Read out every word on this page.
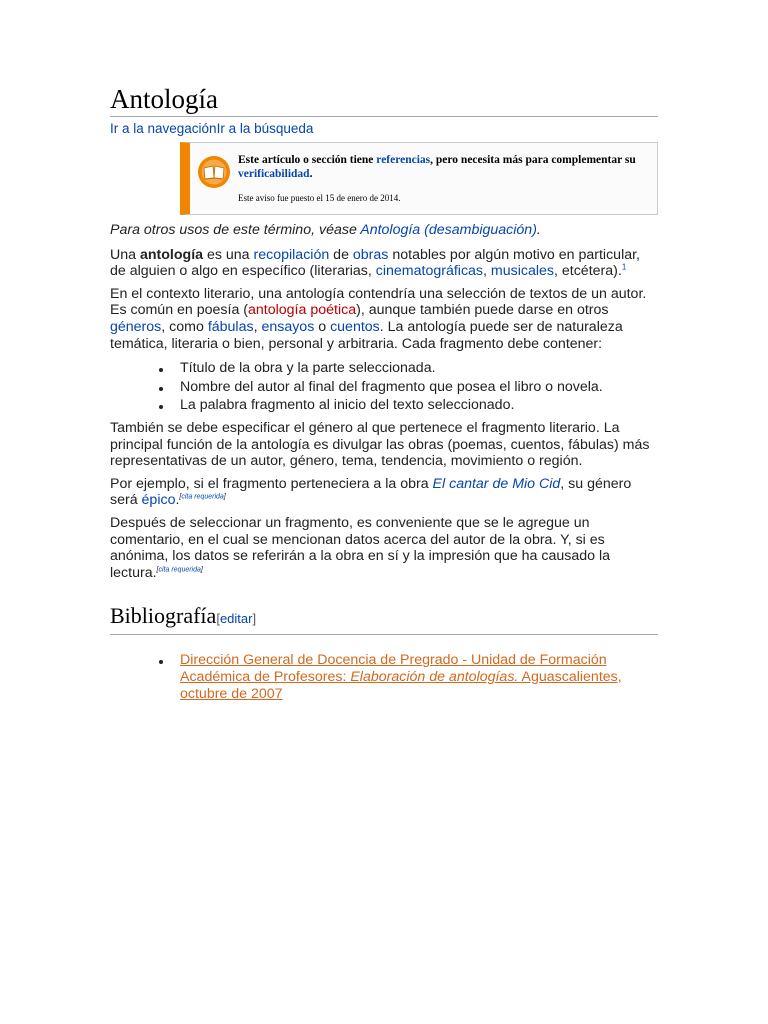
Antología
Ir a la navegaciónIr a la búsqueda
Este artículo o sección tiene referencias, pero necesita más para complementar su verificabilidad.
Este aviso fue puesto el 15 de enero de 2014.

Para otros usos de este término, véase Antología (desambiguación).

Una antología es una recopilación de obras notables por algún motivo en particular, de alguien o algo en específico (literarias, cinematográficas, musicales, etcétera).$^1$

En el contexto literario, una antología contendría una selección de textos de un autor. Es común en poesía (antología poética), aunque también puede darse en otros géneros, como fábulas, ensayos o cuentos. La antología puede ser de naturaleza temática, literaria o bien, personal y arbitraria. Cada fragmento debe contener:

Título de la obra y la parte seleccionada.
Nombre del autor al final del fragmento que posea el libro o novela.
La palabra fragmento al inicio del texto seleccionado.

También se debe especificar el género al que pertenece el fragmento literario. La principal función de la antología es divulgar las obras (poemas, cuentos, fábulas) más representativas de un autor, género, tema, tendencia, movimiento o región.

Por ejemplo, si el fragmento perteneciera a la obra El cantar de Mio Cid, su género será épico.[cita requerida]

Después de seleccionar un fragmento, es conveniente que se le agregue un comentario, en el cual se mencionan datos acerca del autor de la obra. Y, si es anónima, los datos se referirán a la obra en sí y la impresión que ha causado la lectura.[cita requerida]

Bibliografía[editar]
Dirección General de Docencia de Pregrado - Unidad de Formación Académica de Profesores: Elaboración de antologías. Aguascalientes, octubre de 2007
